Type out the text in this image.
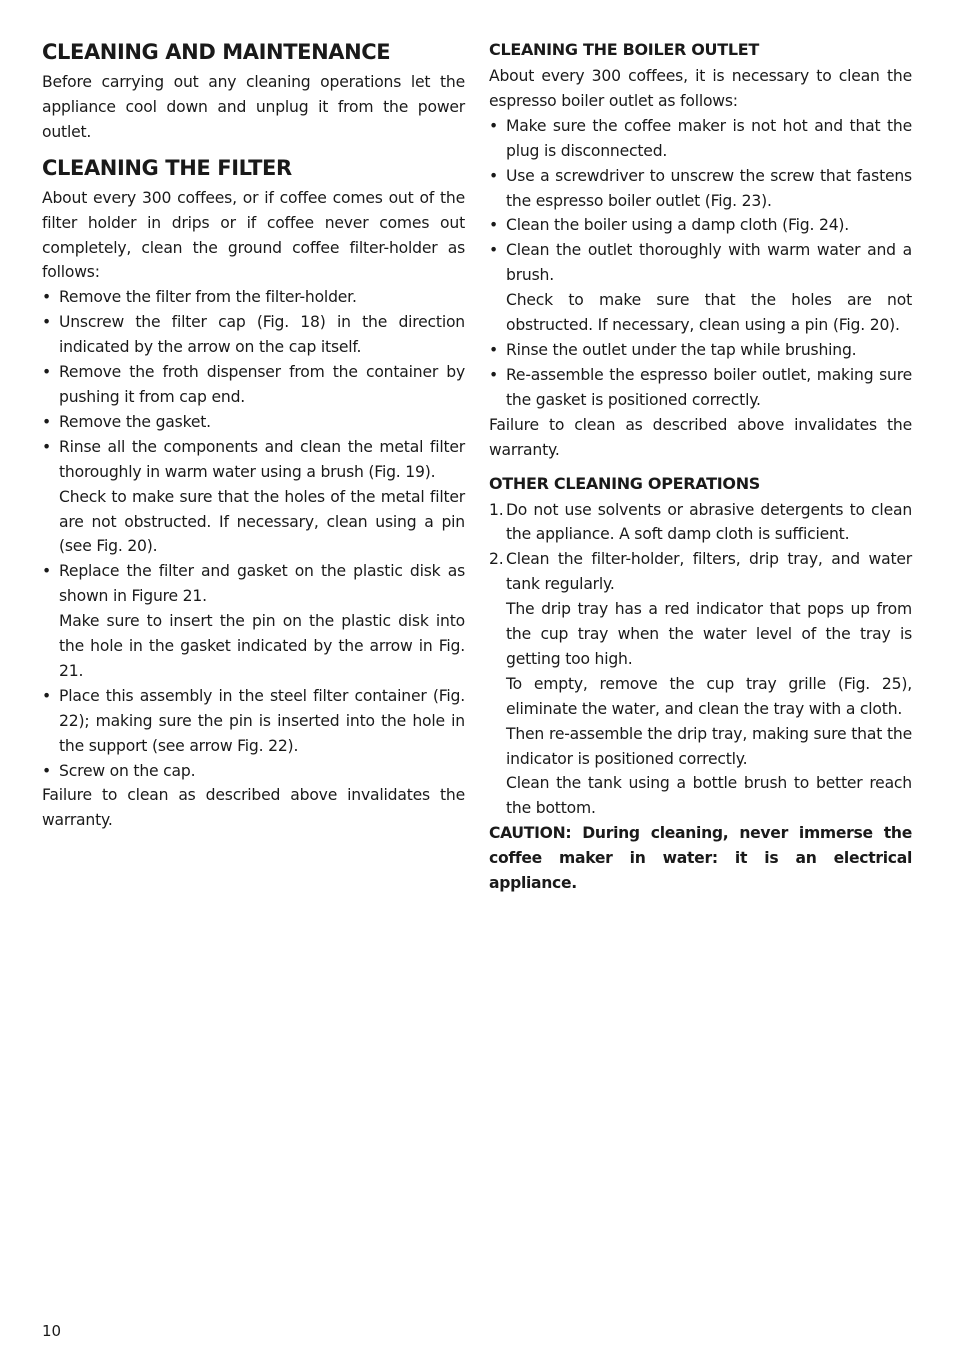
CLEANING AND MAINTENANCE

Before carrying out any cleaning operations let the appliance cool down and unplug it from the power outlet.

CLEANING THE FILTER

About every 300 coffees, or if coffee comes out of the filter holder in drips or if coffee never comes out completely, clean the ground coffee filter-holder as follows:

• Remove the filter from the filter-holder.
• Unscrew the filter cap (Fig. 18) in the direction indicated by the arrow on the cap itself.
• Remove the froth dispenser from the container by pushing it from cap end.
• Remove the gasket.
• Rinse all the components and clean the metal filter thoroughly in warm water using a brush (Fig. 19).
Check to make sure that the holes of the metal filter are not obstructed. If necessary, clean using a pin (see Fig. 20).
• Replace the filter and gasket on the plastic disk as shown in Figure 21.
Make sure to insert the pin on the plastic disk into the hole in the gasket indicated by the arrow in Fig. 21.
• Place this assembly in the steel filter container (Fig. 22); making sure the pin is inserted into the hole in the support (see arrow Fig. 22).
• Screw on the cap.

Failure to clean as described above invalidates the warranty.

CLEANING THE BOILER OUTLET

About every 300 coffees, it is necessary to clean the espresso boiler outlet as follows:

• Make sure the coffee maker is not hot and that the plug is disconnected.
• Use a screwdriver to unscrew the screw that fastens the espresso boiler outlet (Fig. 23).
• Clean the boiler using a damp cloth (Fig. 24).
• Clean the outlet thoroughly with warm water and a brush.
Check to make sure that the holes are not obstructed. If necessary, clean using a pin (Fig. 20).
• Rinse the outlet under the tap while brushing.
• Re-assemble the espresso boiler outlet, making sure the gasket is positioned correctly.

Failure to clean as described above invalidates the warranty.

OTHER CLEANING OPERATIONS
1. Do not use solvents or abrasive detergents to clean the appliance. A soft damp cloth is sufficient.
2. Clean the filter-holder, filters, drip tray, and water tank regularly.
The drip tray has a red indicator that pops up from the cup tray when the water level of the tray is getting too high.
To empty, remove the cup tray grille (Fig. 25), eliminate the water, and clean the tray with a cloth.
Then re-assemble the drip tray, making sure that the indicator is positioned correctly.
Clean the tank using a bottle brush to better reach the bottom.

CAUTION: During cleaning, never immerse the coffee maker in water: it is an electrical appliance.

10
